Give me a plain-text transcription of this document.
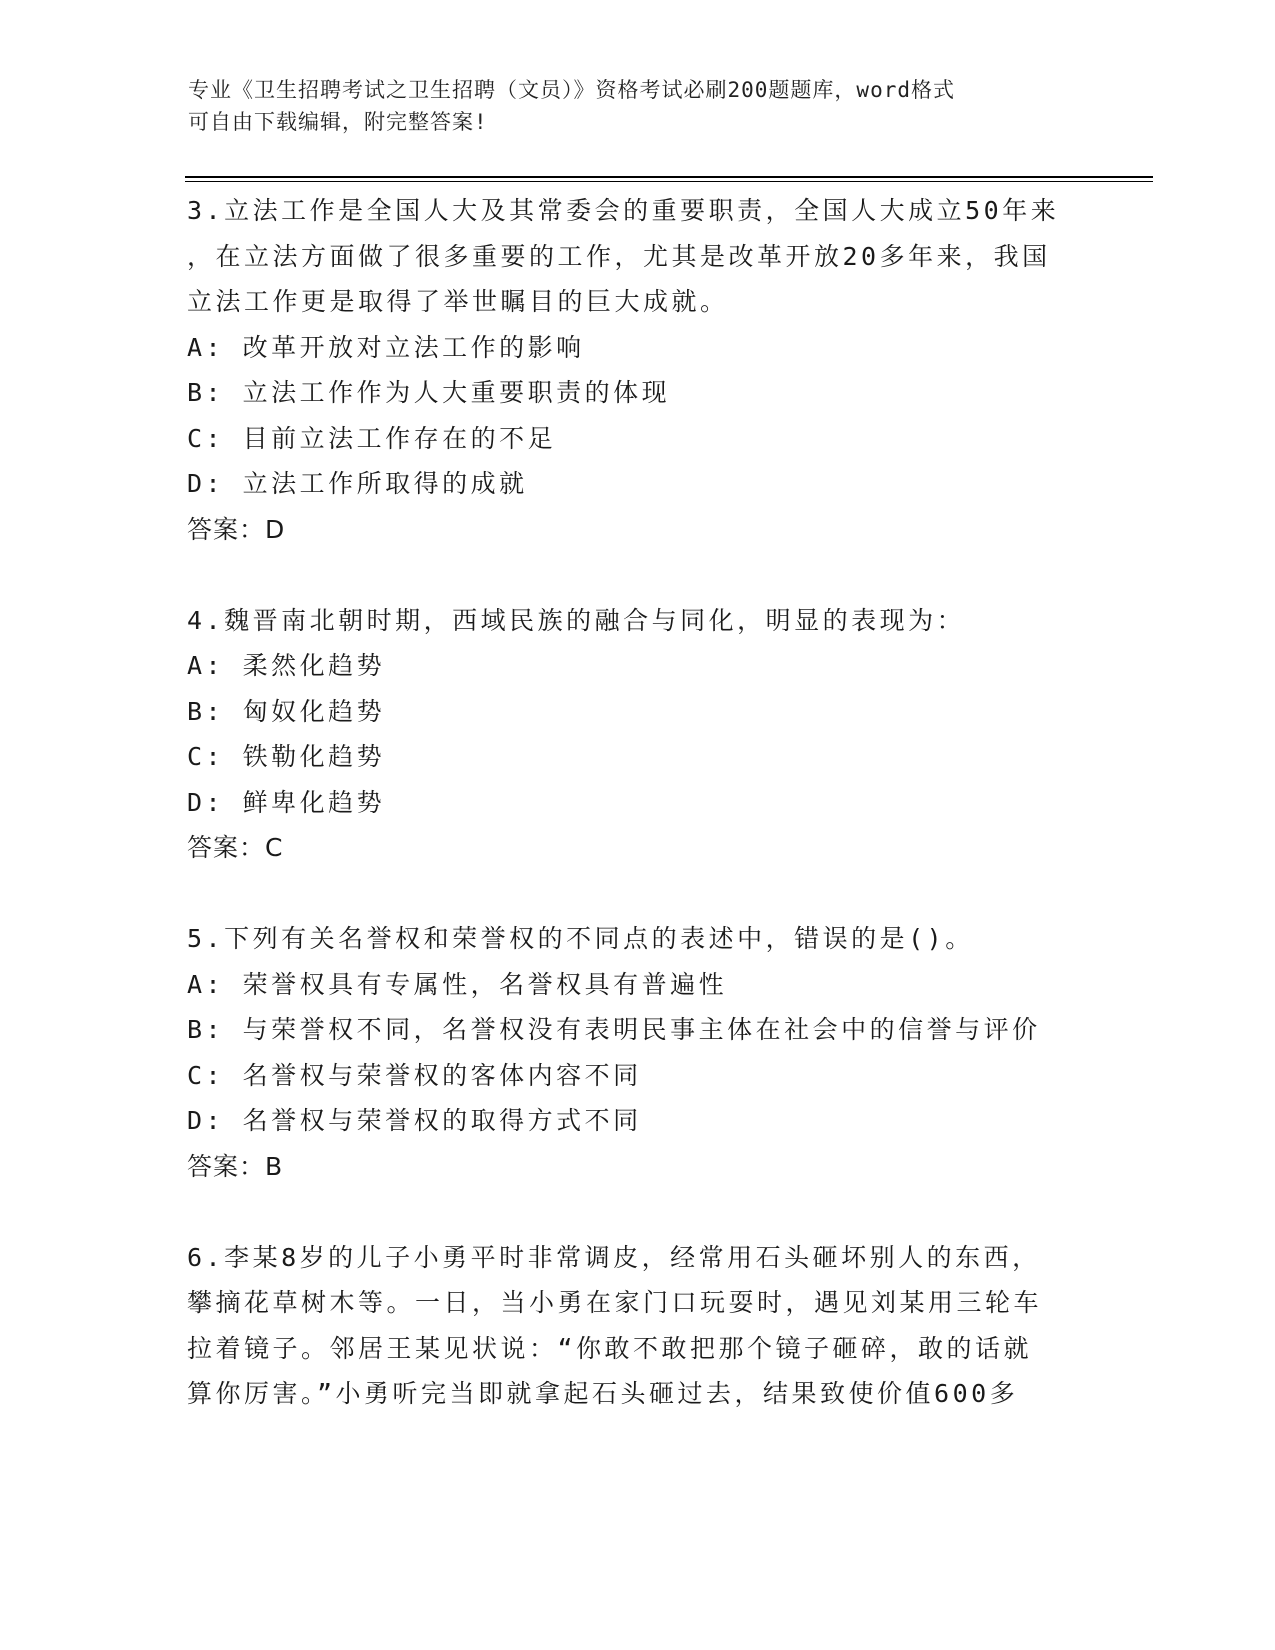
专业《卫生招聘考试之卫生招聘（文员）》资格考试必刷200题题库，word格式
可自由下载编辑，附完整答案!
3.立法工作是全国人大及其常委会的重要职责，全国人大成立50年来
，在立法方面做了很多重要的工作，尤其是改革开放20多年来，我国
立法工作更是取得了举世瞩目的巨大成就。
A: 改革开放对立法工作的影响
B: 立法工作作为人大重要职责的体现
C: 目前立法工作存在的不足
D: 立法工作所取得的成就
答案：D
4.魏晋南北朝时期，西域民族的融合与同化，明显的表现为：
A: 柔然化趋势
B: 匈奴化趋势
C: 铁勒化趋势
D: 鲜卑化趋势
答案：C
5.下列有关名誉权和荣誉权的不同点的表述中，错误的是()。
A: 荣誉权具有专属性，名誉权具有普遍性
B: 与荣誉权不同，名誉权没有表明民事主体在社会中的信誉与评价
C: 名誉权与荣誉权的客体内容不同
D: 名誉权与荣誉权的取得方式不同
答案：B
6.李某8岁的儿子小勇平时非常调皮，经常用石头砸坏别人的东西，
攀摘花草树木等。一日，当小勇在家门口玩耍时，遇见刘某用三轮车
拉着镜子。邻居王某见状说：“你敢不敢把那个镜子砸碎，敢的话就
算你厉害。”小勇听完当即就拿起石头砸过去，结果致使价值600多
